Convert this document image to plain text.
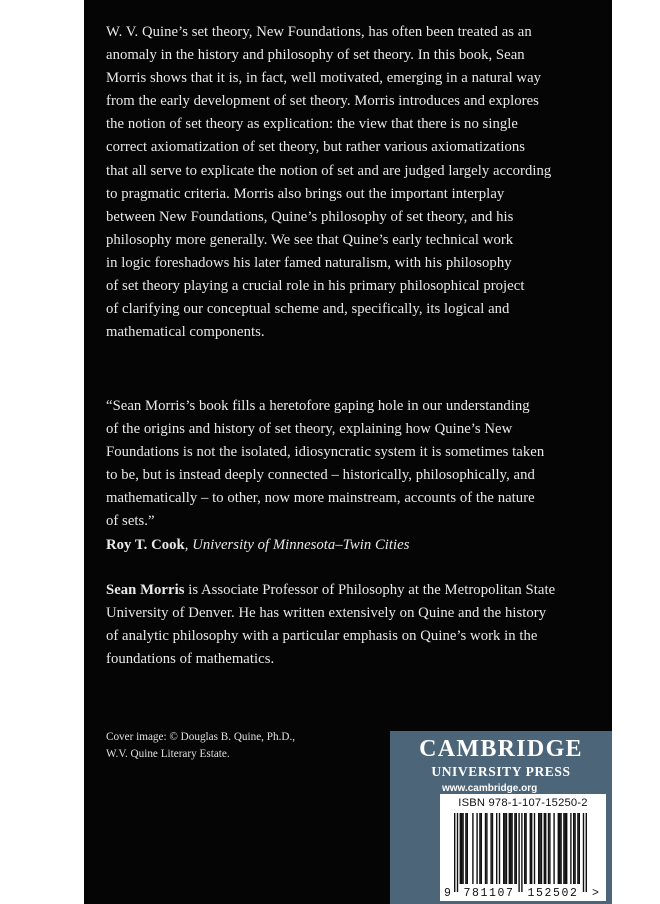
W. V. Quine’s set theory, New Foundations, has often been treated as an
anomaly in the history and philosophy of set theory. In this book, Sean
Morris shows that it is, in fact, well motivated, emerging in a natural way
from the early development of set theory. Morris introduces and explores
the notion of set theory as explication: the view that there is no single
correct axiomatization of set theory, but rather various axiomatizations
that all serve to explicate the notion of set and are judged largely according
to pragmatic criteria. Morris also brings out the important interplay
between New Foundations, Quine’s philosophy of set theory, and his
philosophy more generally. We see that Quine’s early technical work
in logic foreshadows his later famed naturalism, with his philosophy
of set theory playing a crucial role in his primary philosophical project
of clarifying our conceptual scheme and, specifically, its logical and
mathematical components.
“Sean Morris’s book fills a heretofore gaping hole in our understanding
of the origins and history of set theory, explaining how Quine’s New
Foundations is not the isolated, idiosyncratic system it is sometimes taken
to be, but is instead deeply connected – historically, philosophically, and
mathematically – to other, now more mainstream, accounts of the nature
of sets.”
Roy T. Cook, University of Minnesota–Twin Cities
Sean Morris is Associate Professor of Philosophy at the Metropolitan State
University of Denver. He has written extensively on Quine and the history
of analytic philosophy with a particular emphasis on Quine’s work in the
foundations of mathematics.
Cover image: © Douglas B. Quine, Ph.D.,
W.V. Quine Literary Estate.	CAMBRIDGE
UNIVERSITY PRESS
www.cambridge.org
ISBN 978-1-107-15250-2
9 781107 152502 >
